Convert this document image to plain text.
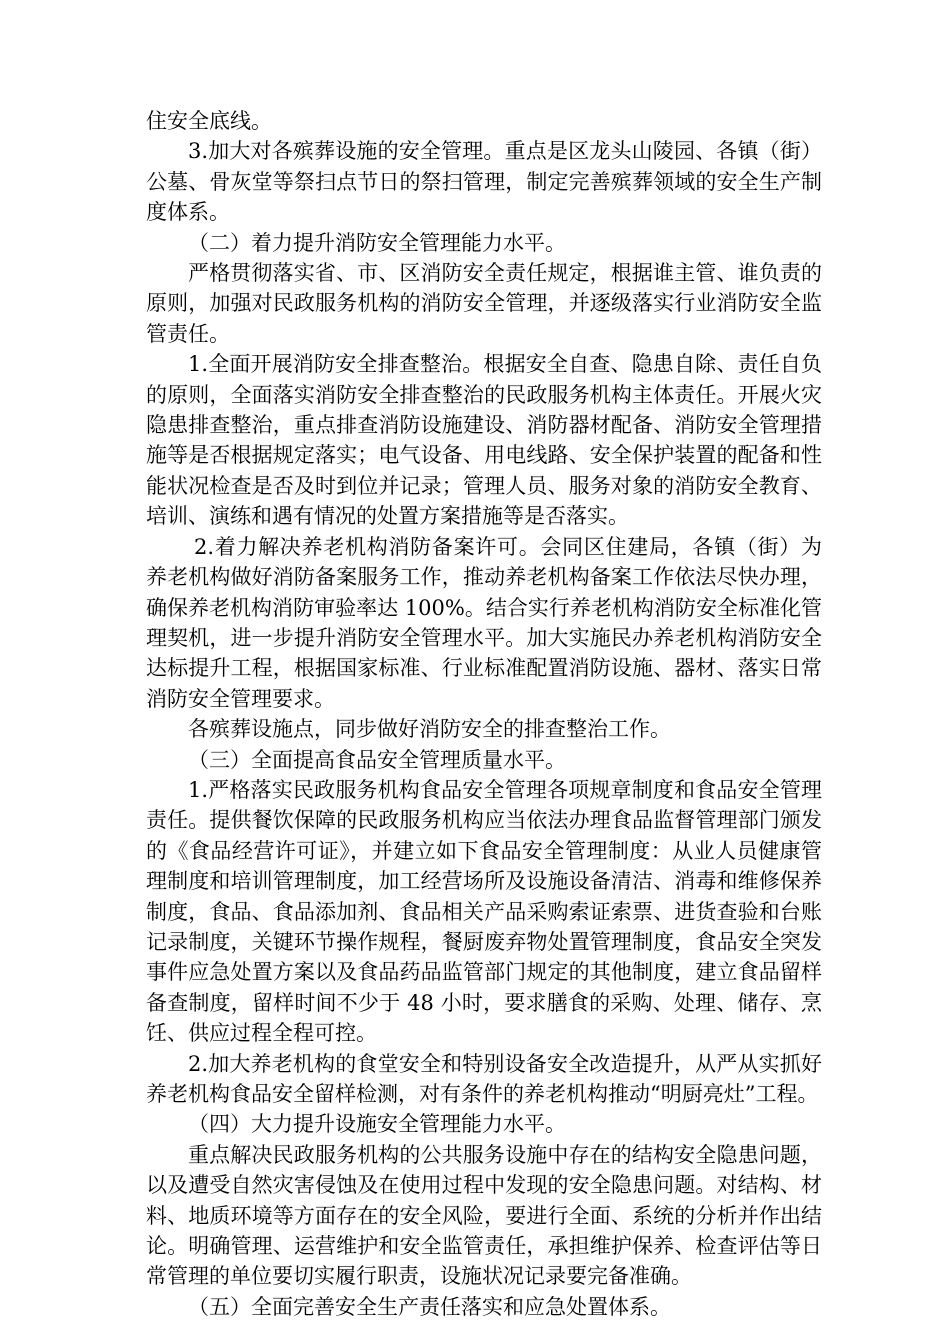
住安全底线。

3.加大对各殡葬设施的安全管理。重点是区龙头山陵园、各镇（街）公墓、骨灰堂等祭扫点节日的祭扫管理，制定完善殡葬领域的安全生产制度体系。

（二）着力提升消防安全管理能力水平。

严格贯彻落实省、市、区消防安全责任规定，根据谁主管、谁负责的原则，加强对民政服务机构的消防安全管理，并逐级落实行业消防安全监管责任。

1.全面开展消防安全排查整治。根据安全自查、隐患自除、责任自负的原则，全面落实消防安全排查整治的民政服务机构主体责任。开展火灾隐患排查整治，重点排查消防设施建设、消防器材配备、消防安全管理措施等是否根据规定落实；电气设备、用电线路、安全保护装置的配备和性能状况检查是否及时到位并记录；管理人员、服务对象的消防安全教育、培训、演练和遇有情况的处置方案措施等是否落实。

2.着力解决养老机构消防备案许可。会同区住建局，各镇（街）为养老机构做好消防备案服务工作，推动养老机构备案工作依法尽快办理，确保养老机构消防审验率达 100%。结合实行养老机构消防安全标准化管理契机，进一步提升消防安全管理水平。加大实施民办养老机构消防安全达标提升工程，根据国家标准、行业标准配置消防设施、器材、落实日常消防安全管理要求。

各殡葬设施点，同步做好消防安全的排查整治工作。

（三）全面提高食品安全管理质量水平。

1.严格落实民政服务机构食品安全管理各项规章制度和食品安全管理责任。提供餐饮保障的民政服务机构应当依法办理食品监督管理部门颁发的《食品经营许可证》，并建立如下食品安全管理制度：从业人员健康管理制度和培训管理制度，加工经营场所及设施设备清洁、消毒和维修保养制度，食品、食品添加剂、食品相关产品采购索证索票、进货查验和台账记录制度，关键环节操作规程，餐厨废弃物处置管理制度，食品安全突发事件应急处置方案以及食品药品监管部门规定的其他制度，建立食品留样备查制度，留样时间不少于 48 小时，要求膳食的采购、处理、储存、烹饪、供应过程全程可控。

2.加大养老机构的食堂安全和特别设备安全改造提升，从严从实抓好养老机构食品安全留样检测，对有条件的养老机构推动“明厨亮灶”工程。

（四）大力提升设施安全管理能力水平。

重点解决民政服务机构的公共服务设施中存在的结构安全隐患问题，以及遭受自然灾害侵蚀及在使用过程中发现的安全隐患问题。对结构、材料、地质环境等方面存在的安全风险，要进行全面、系统的分析并作出结论。明确管理、运营维护和安全监管责任，承担维护保养、检查评估等日常管理的单位要切实履行职责，设施状况记录要完备准确。

（五）全面完善安全生产责任落实和应急处置体系。
